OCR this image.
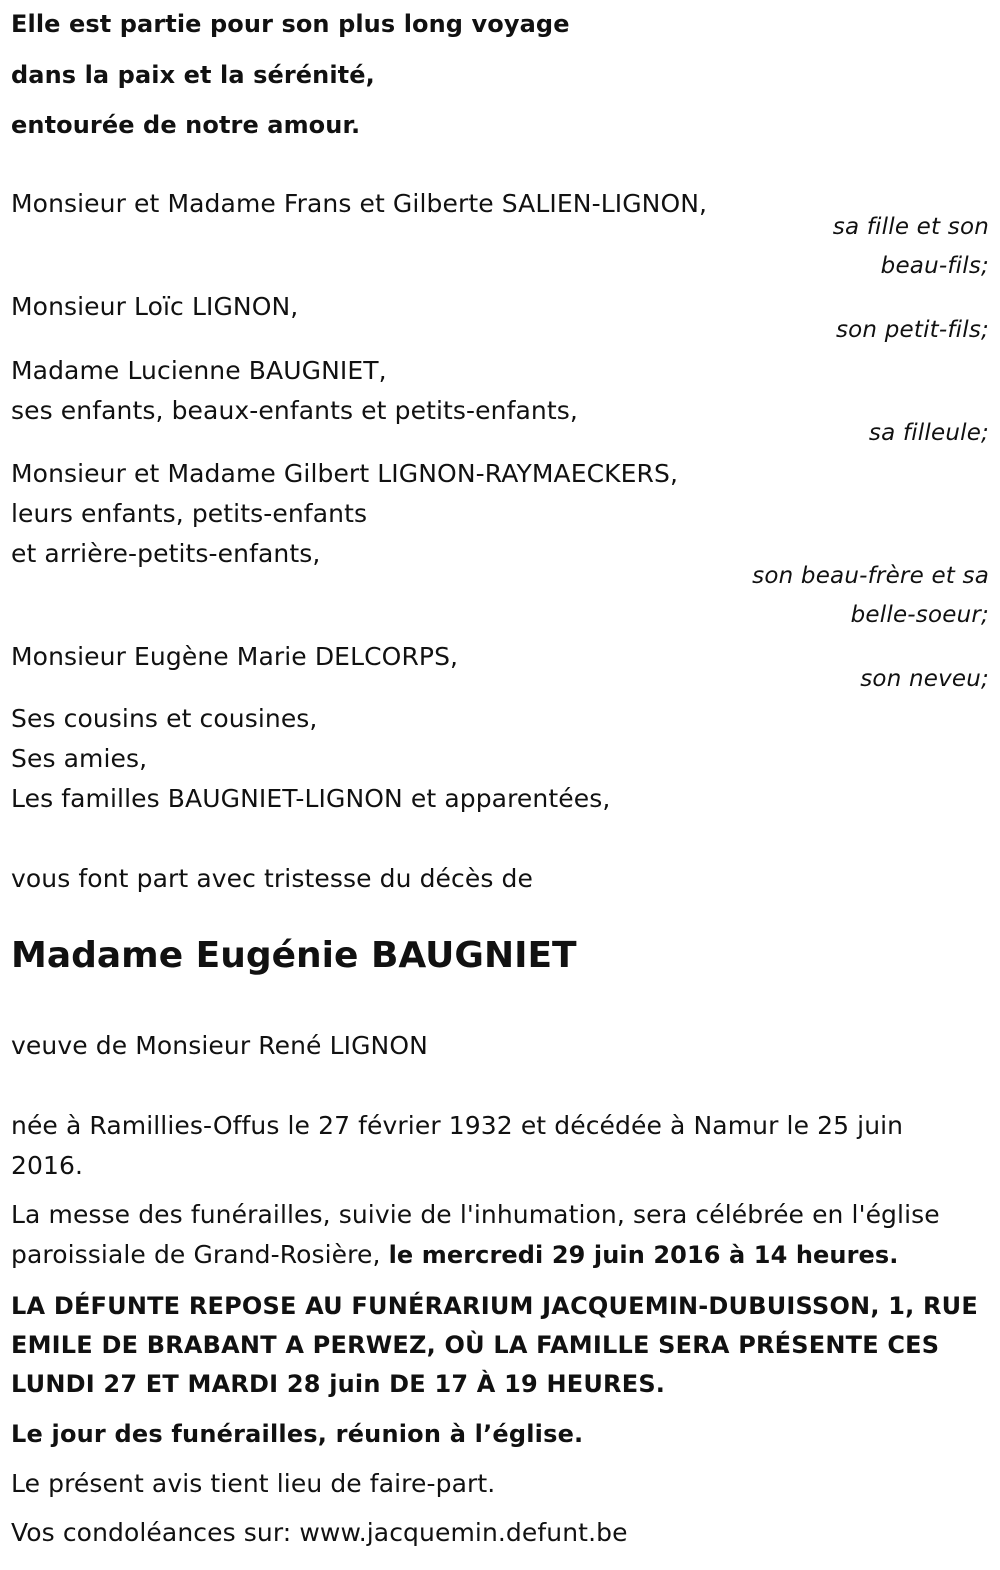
Elle est partie pour son plus long voyage
dans la paix et la sérénité,
entourée de notre amour.
Monsieur et Madame Frans et Gilberte SALIEN-LIGNON,
sa fille et son
beau-fils;
Monsieur Loïc LIGNON,
son petit-fils;
Madame Lucienne BAUGNIET,
ses enfants, beaux-enfants et petits-enfants,
sa filleule;
Monsieur et Madame Gilbert LIGNON-RAYMAECKERS,
leurs enfants, petits-enfants
et arrière-petits-enfants,
son beau-frère et sa
belle-soeur;
Monsieur Eugène Marie DELCORPS,
son neveu;
Ses cousins et cousines,
Ses amies,
Les familles BAUGNIET-LIGNON et apparentées,
vous font part avec tristesse du décès de
Madame Eugénie BAUGNIET
veuve de Monsieur René LIGNON
née à Ramillies-Offus le 27 février 1932 et décédée à Namur le 25 juin
2016.
La messe des funérailles, suivie de l'inhumation, sera célébrée en l'église
paroissiale de Grand-Rosière, le mercredi 29 juin 2016 à 14 heures.
LA DÉFUNTE REPOSE AU FUNÉRARIUM JACQUEMIN-DUBUISSON, 1, RUE
EMILE DE BRABANT A PERWEZ, OÙ LA FAMILLE SERA PRÉSENTE CES
LUNDI 27 ET MARDI 28 juin DE 17 À 19 HEURES.
Le jour des funérailles, réunion à l’église.
Le présent avis tient lieu de faire-part.
Vos condoléances sur: www.jacquemin.defunt.be
